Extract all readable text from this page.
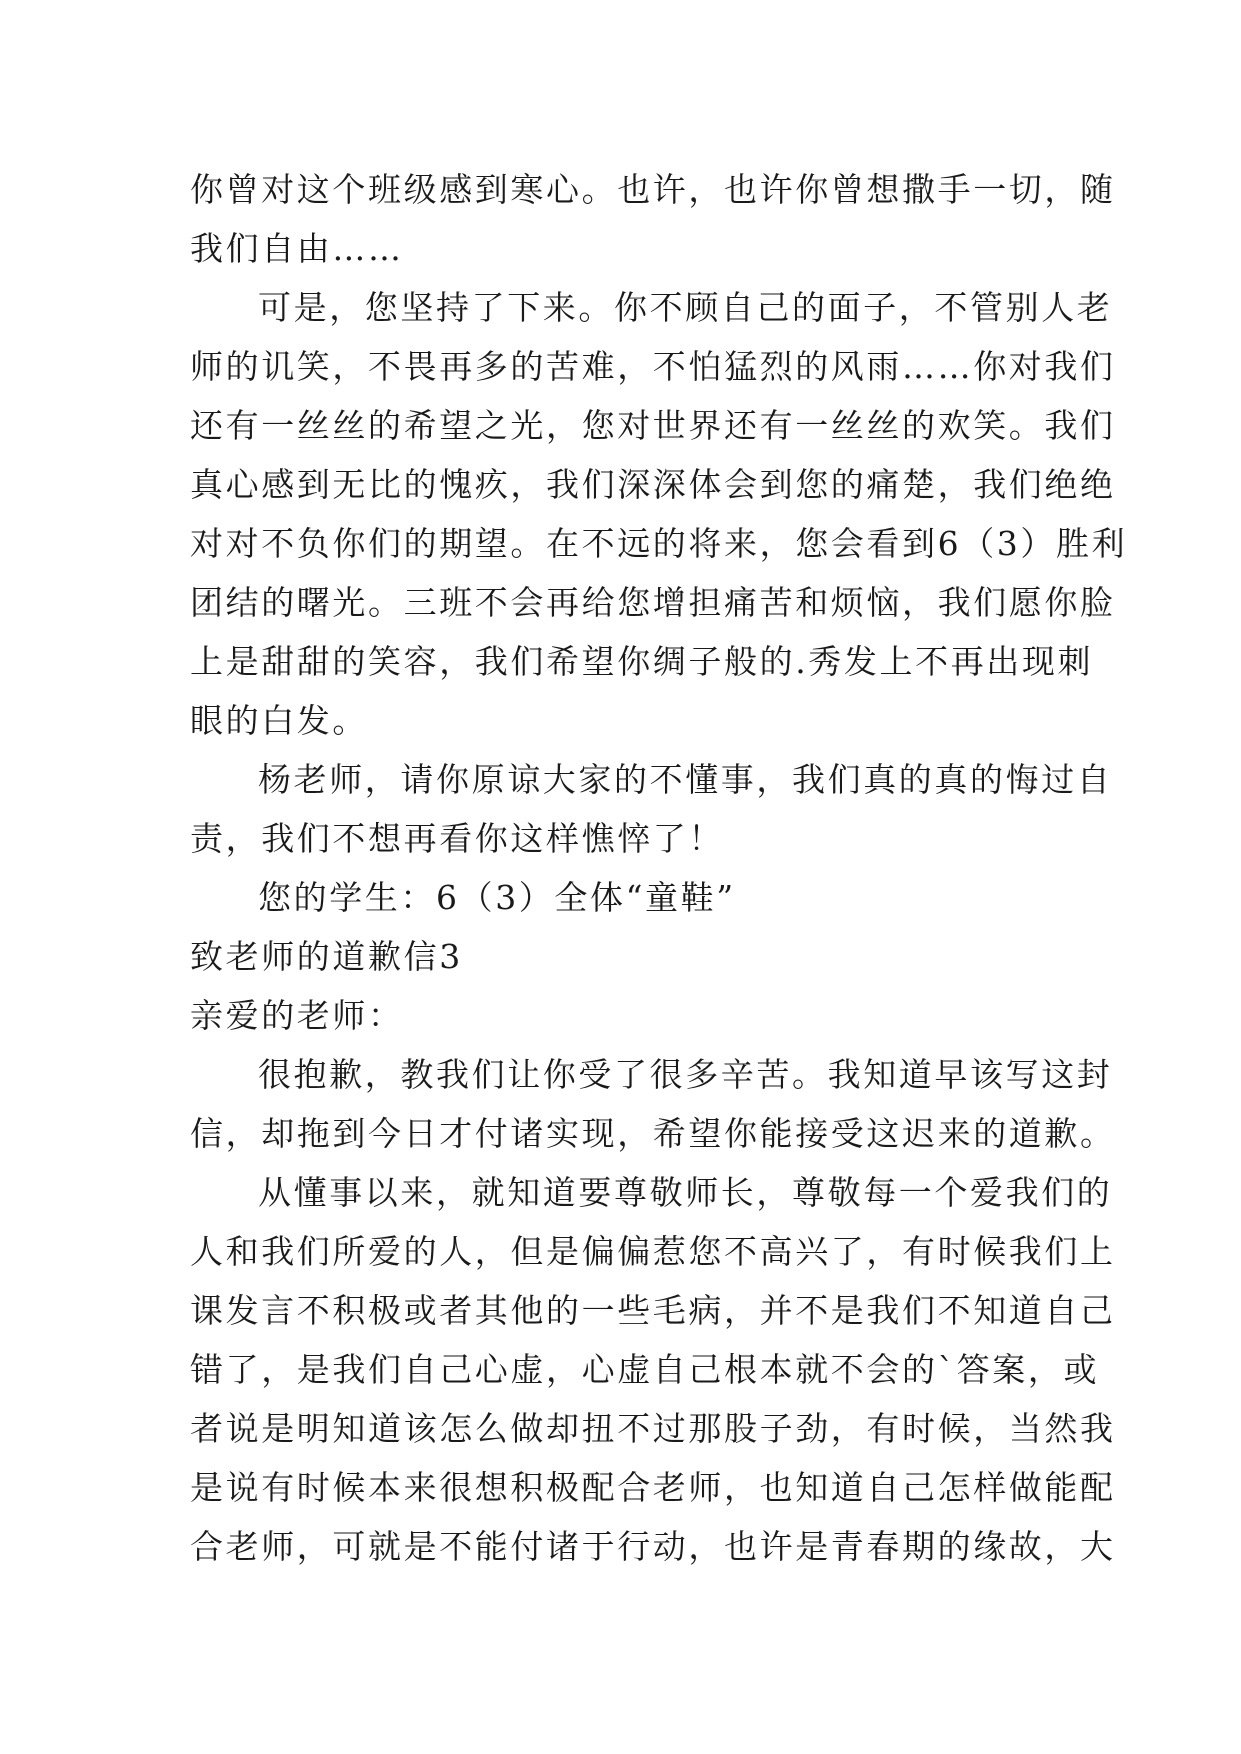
你曾对这个班级感到寒心。也许，也许你曾想撒手一切，随
我们自由……
可是，您坚持了下来。你不顾自己的面子，不管别人老
师的讥笑，不畏再多的苦难，不怕猛烈的风雨……你对我们
还有一丝丝的希望之光，您对世界还有一丝丝的欢笑。我们
真心感到无比的愧疚，我们深深体会到您的痛楚，我们绝绝
对对不负你们的期望。在不远的将来，您会看到6（3）胜利
团结的曙光。三班不会再给您增担痛苦和烦恼，我们愿你脸
上是甜甜的笑容，我们希望你绸子般的.秀发上不再出现刺
眼的白发。
杨老师，请你原谅大家的不懂事，我们真的真的悔过自
责，我们不想再看你这样憔悴了！
您的学生：6（3）全体“童鞋”
致老师的道歉信3
亲爱的老师：
很抱歉，教我们让你受了很多辛苦。我知道早该写这封
信，却拖到今日才付诸实现，希望你能接受这迟来的道歉。
从懂事以来，就知道要尊敬师长，尊敬每一个爱我们的
人和我们所爱的人，但是偏偏惹您不高兴了，有时候我们上
课发言不积极或者其他的一些毛病，并不是我们不知道自己
错了，是我们自己心虚，心虚自己根本就不会的`答案，或
者说是明知道该怎么做却扭不过那股子劲，有时候，当然我
是说有时候本来很想积极配合老师，也知道自己怎样做能配
合老师，可就是不能付诸于行动，也许是青春期的缘故，大
